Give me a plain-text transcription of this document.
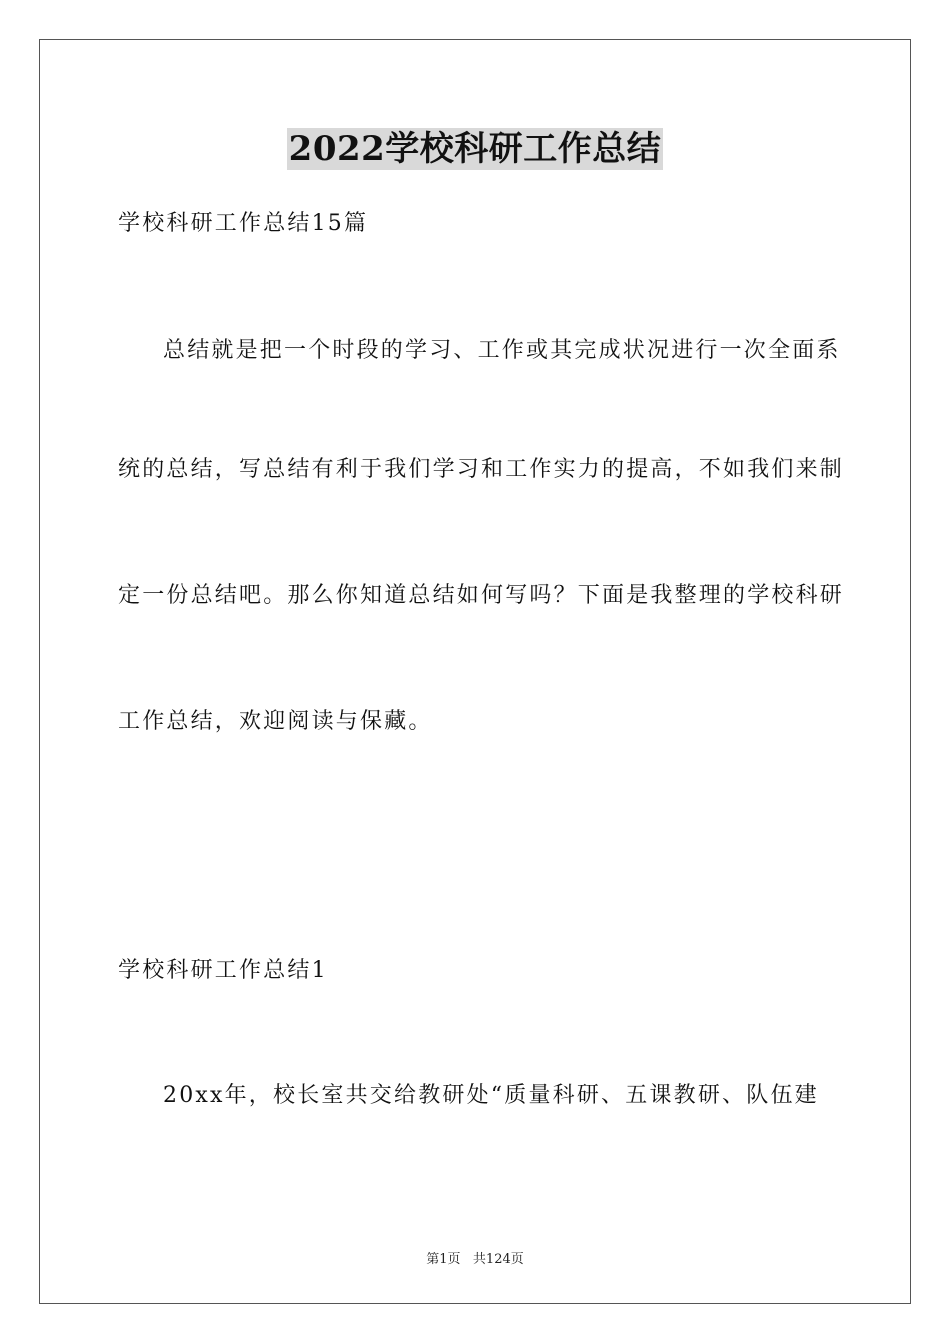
2022学校科研工作总结
学校科研工作总结15篇
总结就是把一个时段的学习、工作或其完成状况进行一次全面系
统的总结，写总结有利于我们学习和工作实力的提高，不如我们来制
定一份总结吧。那么你知道总结如何写吗？下面是我整理的学校科研
工作总结，欢迎阅读与保藏。
学校科研工作总结1
20xx年，校长室共交给教研处“质量科研、五课教研、队伍建
第1页 共124页
